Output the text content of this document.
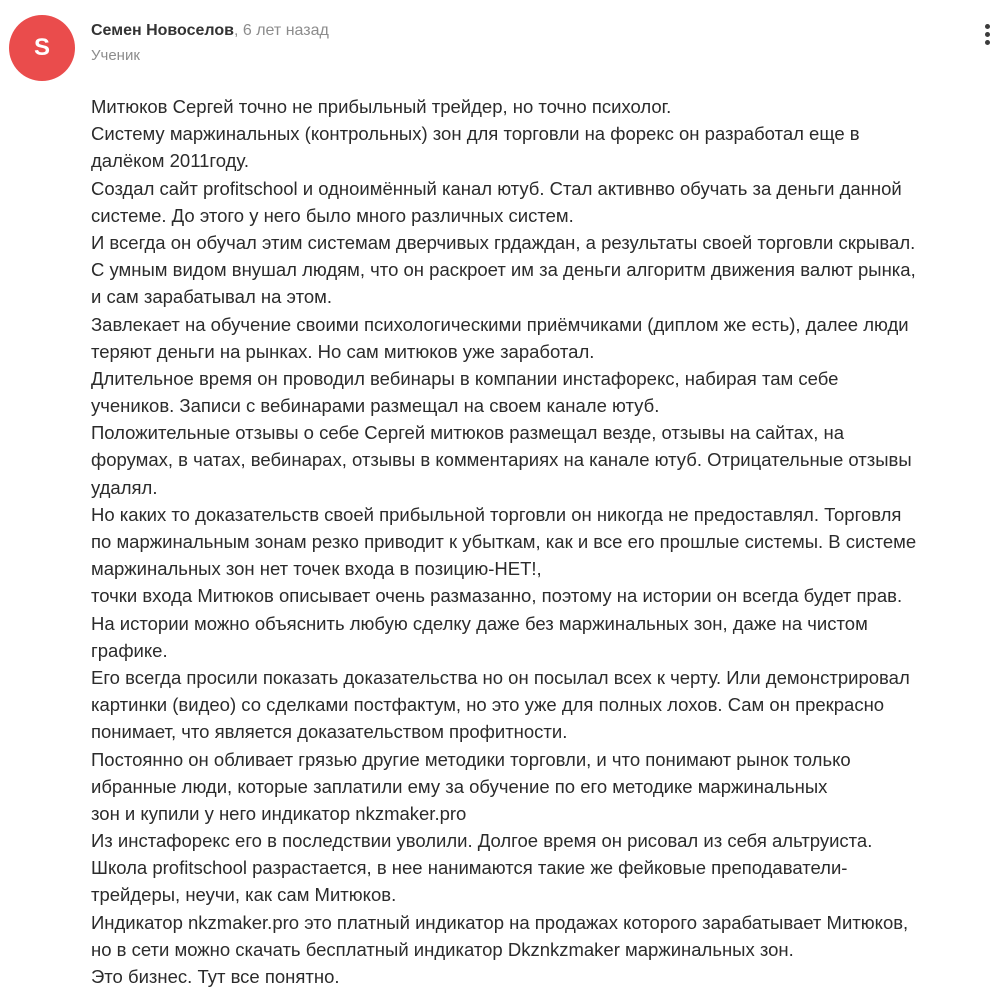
S
Семен Новоселов, 6 лет назад
Ученик
Митюков Сергей точно не прибыльный трейдер, но точно психолог.
Систему маржинальных (контрольных) зон для торговли на форекс он разработал еще в
далёком 2011году.
Создал сайт profitschool и одноимённый канал ютуб. Стал активнво обучать за деньги данной
системе. До этого у него было много различных систем.
И всегда он обучал этим системам дверчивых грдаждан, а результаты своей торговли скрывал.
С умным видом внушал людям, что он раскроет им за деньги алгоритм движения валют рынка,
и сам зарабатывал на этом.
Завлекает на обучение своими психологическими приёмчиками (диплом же есть), далее люди
теряют деньги на рынках. Но сам митюков уже заработал.
Длительное время он проводил вебинары в компании инстафорекс, набирая там себе
учеников. Записи с вебинарами размещал на своем канале ютуб.
Положительные отзывы о себе Сергей митюков размещал везде, отзывы на сайтах, на
форумах, в чатах, вебинарах, отзывы в комментариях на канале ютуб. Отрицательные отзывы
удалял.
Но каких то доказательств своей прибыльной торговли он никогда не предоставлял. Торговля
по маржинальным зонам резко приводит к убыткам, как и все его прошлые системы. В системе
маржинальных зон нет точек входа в позицию-НЕТ!,
точки входа Митюков описывает очень размазанно, поэтому на истории он всегда будет прав.
На истории можно объяснить любую сделку даже без маржинальных зон, даже на чистом
графике.
Его всегда просили показать доказательства но он посылал всех к черту. Или демонстрировал
картинки (видео) со сделками постфактум, но это уже для полных лохов. Сам он прекрасно
понимает, что является доказательством профитности.
Постоянно он обливает грязью другие методики торговли, и что понимают рынок только
ибранные люди, которые заплатили ему за обучение по его методике маржинальных
зон и купили у него индикатор nkzmaker.pro
Из инстафорекс его в последствии уволили. Долгое время он рисовал из себя альтруиста.
Школа profitschool разрастается, в нее нанимаются такие же фейковые преподаватели-
трейдеры, неучи, как сам Митюков.
Индикатор nkzmaker.pro это платный индикатор на продажах которого зарабатывает Митюков,
но в сети можно скачать бесплатный индикатор Dkznkzmaker маржинальных зон.
Это бизнес. Тут все понятно.
